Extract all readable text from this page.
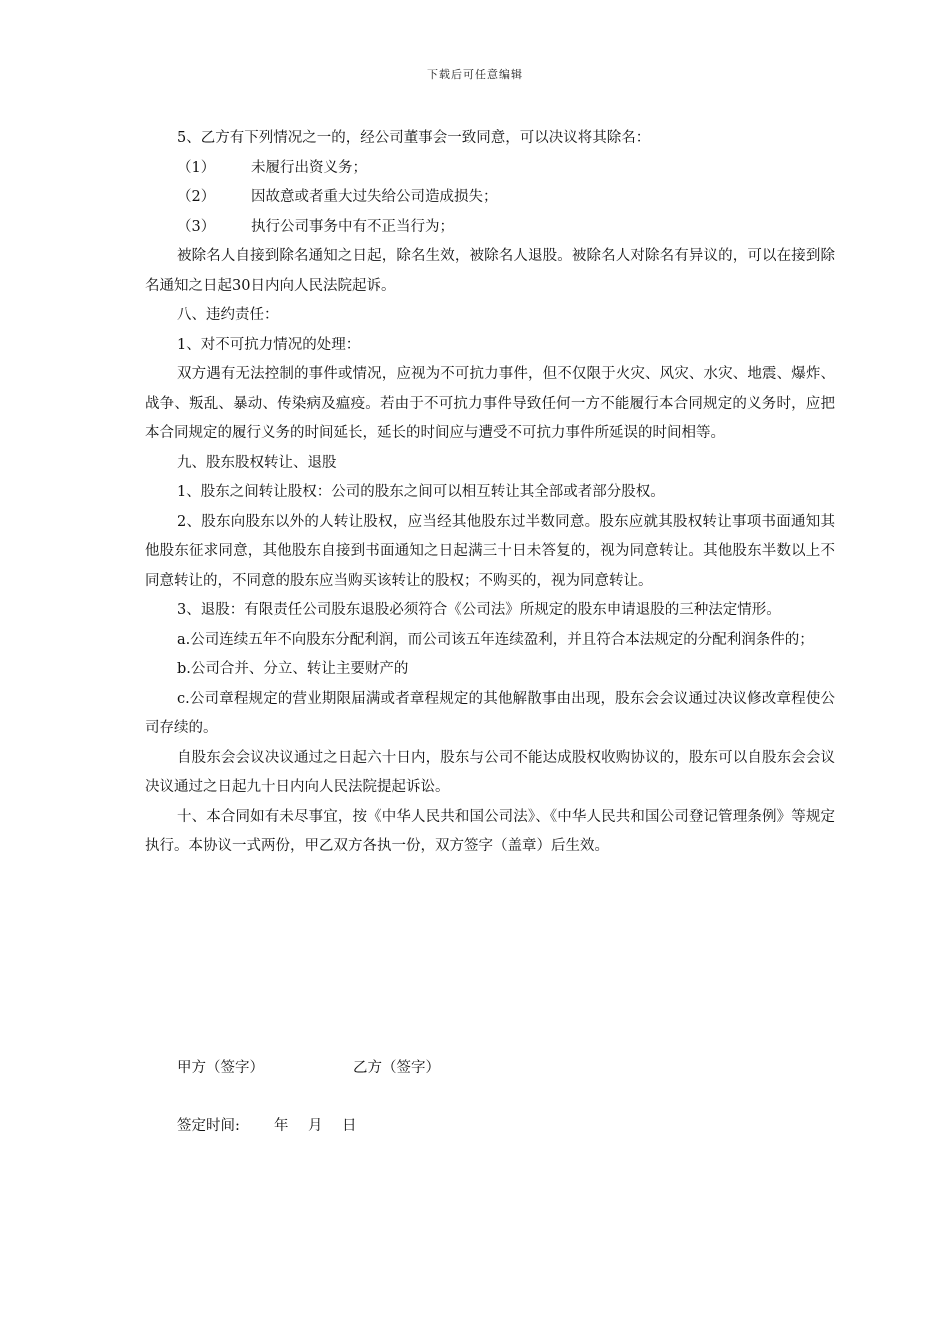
下载后可任意编辑

5、乙方有下列情况之一的，经公司董事会一致同意，可以决议将其除名：

（1）	未履行出资义务；
（2）	因故意或者重大过失给公司造成损失；
（3）	执行公司事务中有不正当行为；

被除名人自接到除名通知之日起，除名生效，被除名人退股。被除名人对除名有异议的，可以在接到除名通知之日起30日内向人民法院起诉。

八、违约责任：

1、对不可抗力情况的处理：

双方遇有无法控制的事件或情况，应视为不可抗力事件，但不仅限于火灾、风灾、水灾、地震、爆炸、战争、叛乱、暴动、传染病及瘟疫。若由于不可抗力事件导致任何一方不能履行本合同规定的义务时，应把本合同规定的履行义务的时间延长，延长的时间应与遭受不可抗力事件所延误的时间相等。

九、股东股权转让、退股

1、股东之间转让股权：公司的股东之间可以相互转让其全部或者部分股权。

2、股东向股东以外的人转让股权，应当经其他股东过半数同意。股东应就其股权转让事项书面通知其他股东征求同意，其他股东自接到书面通知之日起满三十日未答复的，视为同意转让。其他股东半数以上不同意转让的，不同意的股东应当购买该转让的股权；不购买的，视为同意转让。

3、退股：有限责任公司股东退股必须符合《公司法》所规定的股东申请退股的三种法定情形。

a.公司连续五年不向股东分配利润，而公司该五年连续盈利，并且符合本法规定的分配利润条件的；

b.公司合并、分立、转让主要财产的

c.公司章程规定的营业期限届满或者章程规定的其他解散事由出现，股东会会议通过决议修改章程使公司存续的。

自股东会会议决议通过之日起六十日内，股东与公司不能达成股权收购协议的，股东可以自股东会会议决议通过之日起九十日内向人民法院提起诉讼。

十、本合同如有未尽事宜，按《中华人民共和国公司法》、《中华人民共和国公司登记管理条例》等规定执行。本协议一式两份，甲乙双方各执一份，双方签字（盖章）后生效。

甲方（签字）	乙方（签字）
签定时间:	年	月	日
